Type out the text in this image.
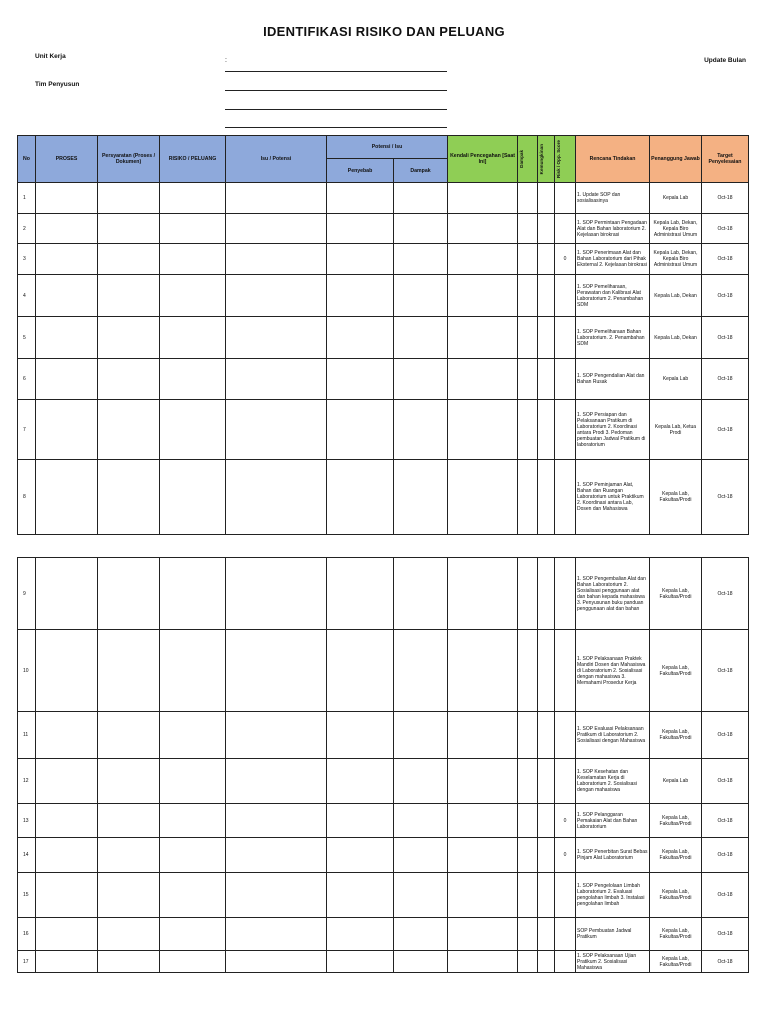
IDENTIFIKASI RISIKO DAN PELUANG
Unit Kerja
Tim Penyusun
:	Update Bulan
No	PROSES	Persyaratan (Proses / Dokumen)	RISIKO / PELUANG	Isu / Potensi	Potensi / Isu		Kendali Pencegahan [Saat Ini]	Dampak	Kemungkinan	Risk / Opp. Score	Rencana Tindakan	Penanggung Jawab	Target Penyelesaian
					Penyebab	Dampak							
1											1. Update SOP dan sosialisasinya	Kepala Lab	Oct-18
2											1. SOP Permintaan Pengadaan Alat dan Bahan laboratorium 2. Kejelasan birokrasi	Kepala Lab, Dekan, Kepala Biro Administrasi Umum	Oct-18
3										0	1. SOP Penerimaan Alat dan Bahan Laboratorium dari Pihak Eksternal 2. Kejelasan birokrasi	Kepala Lab, Dekan, Kepala Biro Administrasi Umum	Oct-18
4											1. SOP Pemeliharaan, Perawatan dan Kalibrasi Alat Laboratorium 2. Penambahan SDM	Kepala Lab, Dekan	Oct-18
5											1. SOP Pemeliharaan Bahan Laboratorium. 2. Penambahan SDM	Kepala Lab, Dekan	Oct-18
6											1. SOP Pengendalian Alat dan Bahan Rusak	Kepala Lab	Oct-18
7											1. SOP Persiapan dan Pelaksanaan Pratikum di Laboratorium 2. Koordinasi antara Prodi 3. Pedoman pembuatan Jadwal Pratikum di laboratorium	Kepala Lab, Ketua Prodi	Oct-18
8											1. SOP Peminjaman Alat, Bahan dan Ruangan Laboratorium untuk Praktikum 2. Koordinasi antara Lab, Dosen dan Mahasiswa	Kepala Lab, Fakultas/Prodi	Oct-18
9											1. SOP Pengembalian Alat dan Bahan Laboratorium 2. Sosialisasi penggunaan alat dan bahan kepada mahasiswa 3. Penyusunan buku panduan penggunaan alat dan bahan	Kepala Lab, Fakultas/Prodi	Oct-18
10											1. SOP Pelaksanaan Praktek Mandiri Dosen dan Mahasiswa di Laboratorium 2. Sosialisasi dengan mahasiswa 3. Memahami Prosedur Kerja	Kepala Lab, Fakultas/Prodi	Oct-18
11											1. SOP Evaluasi Pelaksanaan Pratikum di Laboratorium 2. Sosialisasi dengan Mahasiswa	Kepala Lab, Fakultas/Prodi	Oct-18
12											1. SOP Kesehatan dan Keselamatan Kerja di Laboratorium 2. Sosialisasi dengan mahasiswa	Kepala Lab	Oct-18
13										0	1. SOP Pelanggaran Pemakaian Alat dan Bahan Laboratorium	Kepala Lab, Fakultas/Prodi	Oct-18
14										0	1. SOP Penerbitan Surat Bebas Pinjam Alat Laboratorium	Kepala Lab, Fakultas/Prodi	Oct-18
15											1. SOP Pengelolaan Limbah Laboratorium 2. Evaluasi pengolahan limbah 3. Instalasi pengolahan limbah	Kepala Lab, Fakultas/Prodi	Oct-18
16											SOP Pembuatan Jadwal Pratikum	Kepala Lab, Fakultas/Prodi	Oct-18
17											1. SOP Pelaksanaan Ujian Pratikum 2. Sosialisasi Mahasiswa	Kepala Lab, Fakultas/Prodi	Oct-18
